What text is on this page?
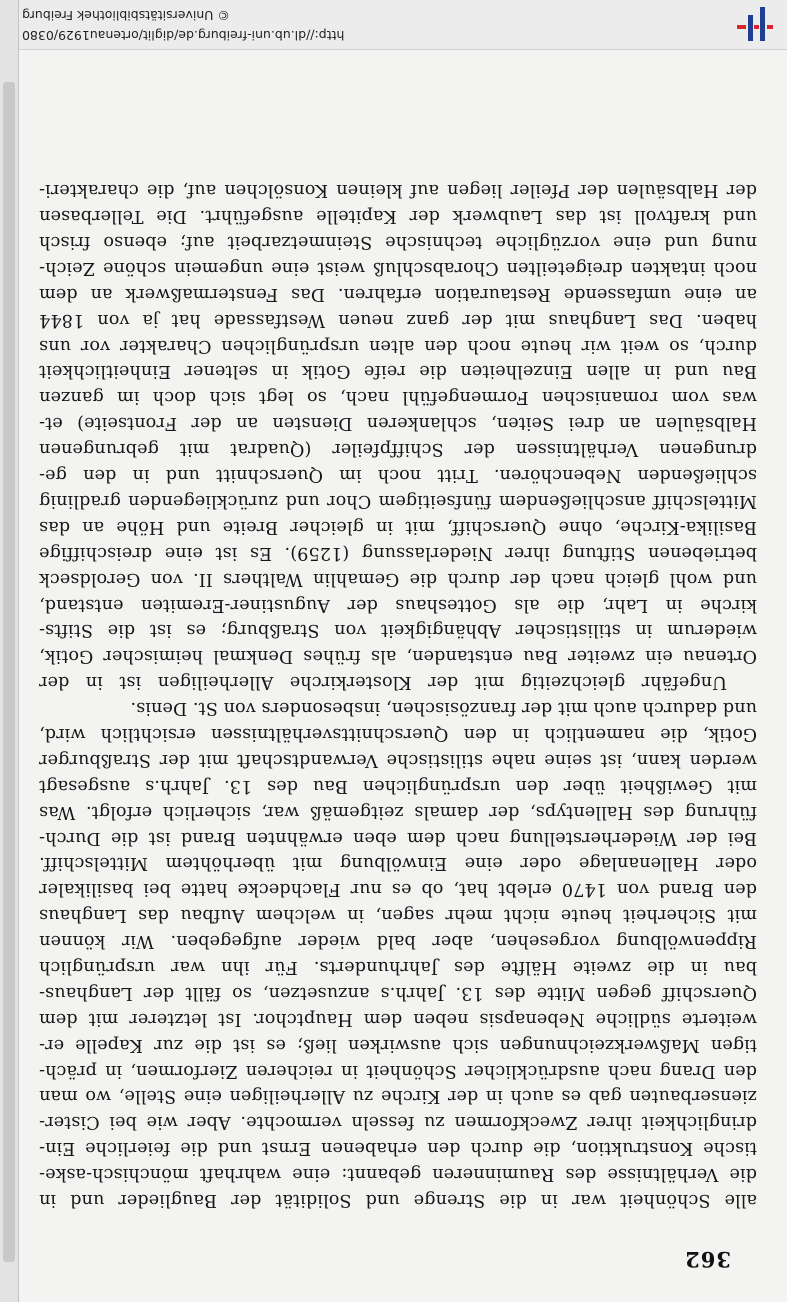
362
alle Schönheit war in die Strenge und Solidität der Bauglieder und in
die Verhältnisse des Rauminneren gebannt: eine wahrhaft mönchisch-aske-
tische Konstruktion, die durch den erhabenen Ernst und die feierliche Ein-
dringlichkeit ihrer Zweckformen zu fesseln vermochte. Aber wie bei Cister-
zienserbauten gab es auch in der Kirche zu Allerheiligen eine Stelle, wo man
den Drang nach ausdrücklicher Schönheit in reicheren Zierformen, in präch-
tigen Maßwerkzeichnungen sich auswirken ließ; es ist die zur Kapelle er-
weiterte südliche Nebenapsis neben dem Hauptchor. Ist letzterer mit dem
Querschiff gegen Mitte des 13. Jahrh.s anzusetzen, so fällt der Langhaus-
bau in die zweite Hälfte des Jahrhunderts. Für ihn war ursprünglich
Rippenwölbung vorgesehen, aber bald wieder aufgegeben. Wir können
mit Sicherheit heute nicht mehr sagen, in welchem Aufbau das Langhaus
den Brand von 1470 erlebt hat, ob es nur Flachdecke hatte bei basilikaler
oder Hallenanlage oder eine Einwölbung mit überhöhtem Mittelschiff.
Bei der Wiederherstellung nach dem eben erwähnten Brand ist die Durch-
führung des Hallentyps, der damals zeitgemäß war, sicherlich erfolgt. Was
mit Gewißheit über den ursprünglichen Bau des 13. Jahrh.s ausgesagt
werden kann, ist seine nahe stilistische Verwandtschaft mit der Straßburger
Gotik, die namentlich in den Querschnittsverhältnissen ersichtlich wird,
und dadurch auch mit der französischen, insbesonders von St. Denis.
Ungefähr gleichzeitig mit der Klosterkirche Allerheiligen ist in der
Ortenau ein zweiter Bau entstanden, als frühes Denkmal heimischer Gotik,
wiederum in stilistischer Abhängigkeit von Straßburg; es ist die Stifts-
kirche in Lahr, die als Gotteshaus der Augustiner-Eremiten entstand,
und wohl gleich nach der durch die Gemahlin Walthers II. von Geroldseck
betriebenen Stiftung ihrer Niederlassung (1259). Es ist eine dreischiffige
Basilika-Kirche, ohne Querschiff, mit in gleicher Breite und Höhe an das
Mittelschiff anschließendem fünfseitigem Chor und zurückliegenden gradlinig
schließenden Nebenchören. Tritt noch im Querschnitt und in den ge-
drungenen Verhältnissen der Schiffpfeiler (Quadrat mit gebrungenen
Halbsäulen an drei Seiten, schlankeren Diensten an der Frontseite) et-
was vom romanischen Formengefühl nach, so legt sich doch im ganzen
Bau und in allen Einzelheiten die reife Gotik in seltener Einheitlichkeit
durch, so weit wir heute noch den alten ursprünglichen Charakter vor uns
haben. Das Langhaus mit der ganz neuen Westfassade hat ja von 1844
an eine umfassende Restauration erfahren. Das Fenstermaßwerk an dem
noch intakten dreigeteilten Chorabschluß weist eine ungemein schöne Zeich-
nung und eine vorzügliche technische Steinmetzarbeit auf; ebenso frisch
und kraftvoll ist das Laubwerk der Kapitelle ausgeführt. Die Tellerbasen
der Halbsäulen der Pfeiler liegen auf kleinen Konsölchen auf, die charakteri-
http://dl.ub.uni-freiburg.de/diglit/ortenau1929/0380
© Universitätsbibliothek Freiburg
